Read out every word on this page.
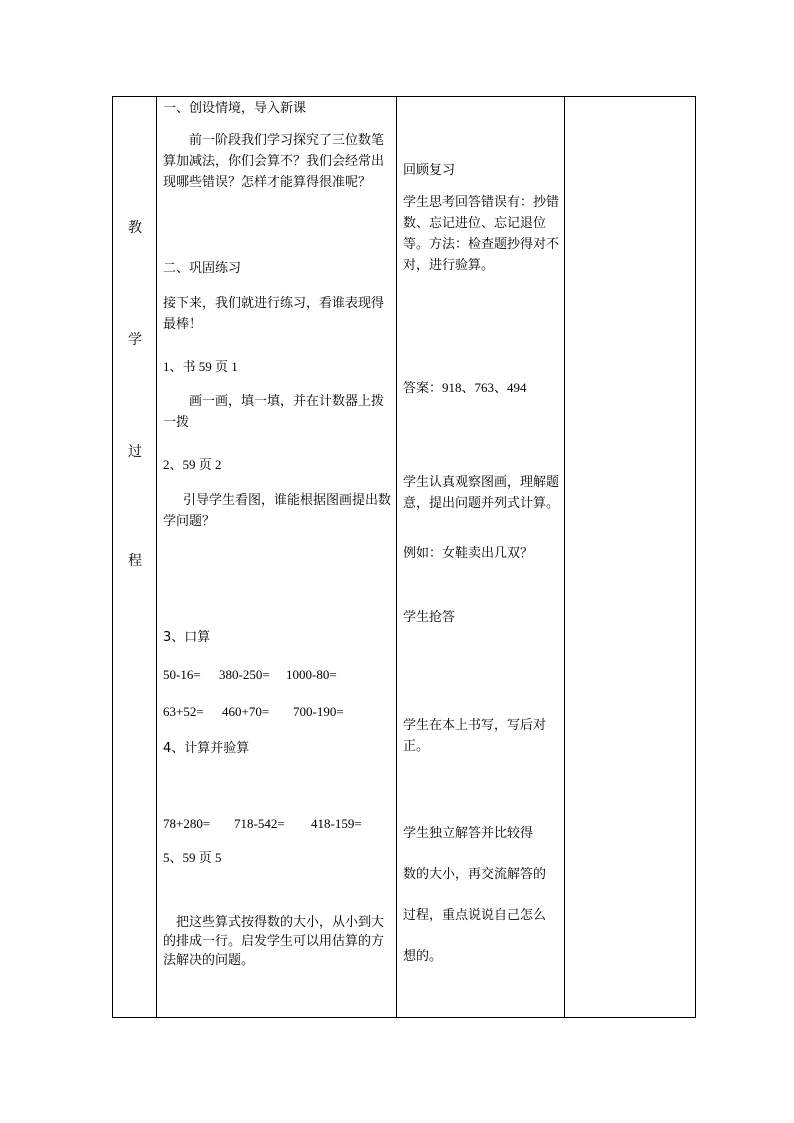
教
学
过
程
一、创设情境，导入新课
前一阶段我们学习探究了三位数笔算加减法，你们会算不？我们会经常出现哪些错误？怎样才能算得很准呢？
二、巩固练习
接下来，我们就进行练习，看谁表现得最棒！
1、书 59 页 1
画一画，填一填，并在计数器上拨一拨
2、59 页 2
引导学生看图，谁能根据图画提出数学问题？
3、口算
50-16= 380-250= 1000-80=
63+52= 460+70= 700-190=
4、计算并验算
78+280= 718-542= 418-159=
5、59 页 5
把这些算式按得数的大小，从小到大的排成一行。启发学生可以用估算的方法解决的问题。
回顾复习
学生思考回答错误有：抄错数、忘记进位、忘记退位等。方法：检查题抄得对不对，进行验算。
答案：918、763、494
学生认真观察图画，理解题意，提出问题并列式计算。
例如：女鞋卖出几双？
学生抢答
学生在本上书写，写后对正。
学生独立解答并比较得
数的大小，再交流解答的
过程，重点说说自己怎么
想的。
